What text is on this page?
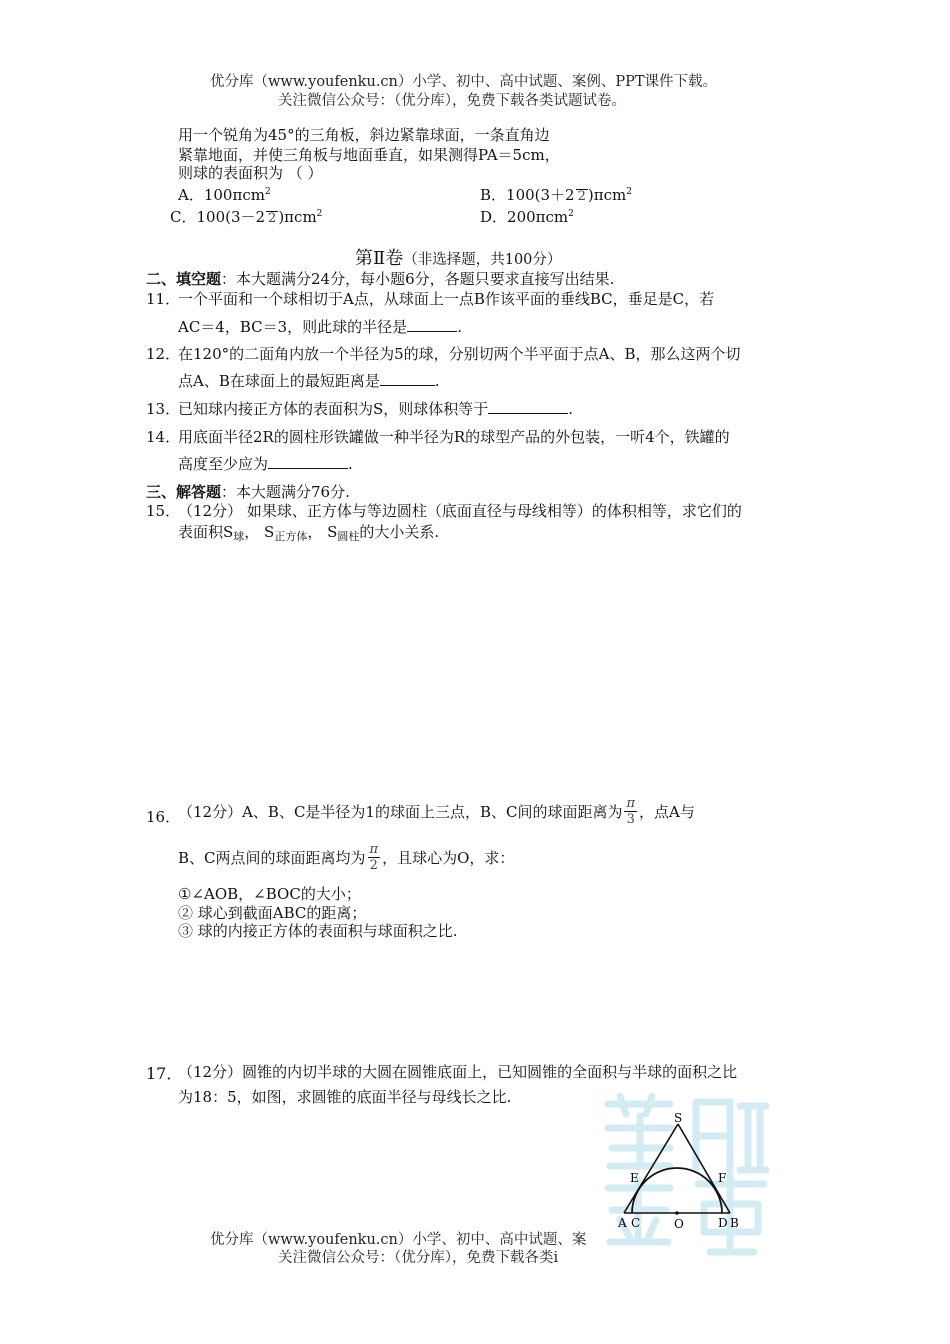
优分库（www.youfenku.cn）小学、初中、高中试题、案例、PPT课件下载。
关注微信公众号：（优分库），免费下载各类试题试卷。
用一个锐角为45°的三角板，斜边紧靠球面，一条直角边
紧靠地面，并使三角板与地面垂直，如果测得PA＝5cm，
则球的表面积为 （ ）
A．100πcm$^2$	B．100(3＋2 2 )πcm$^2$
C．100(3－2 2 )πcm$^2$	D．200πcm$^2$
第Ⅱ卷（非选择题，共100分）
二、填空题：本大题满分24分，每小题6分，各题只要求直接写出结果.
11．
一个平面和一个球相切于A点，从球面上一点B作该平面的垂线BC，垂足是C，若
AC＝4，BC＝3，则此球的半径是	.
12．
在120°的二面角内放一个半径为5的球，分别切两个半平面于点A、B，那么这两个切
点A、B在球面上的最短距离是	.
13．
已知球内接正方体的表面积为S，则球体积等于	.
14．
用底面半径2R的圆柱形铁罐做一种半径为R的球型产品的外包装，一听4个，铁罐的
高度至少应为	.
三、解答题：本大题满分76分.
15．
（12分） 如果球、正方体与等边圆柱（底面直径与母线相等）的体积相等，求它们的
表面积$S_球$， $S_{正方体}$， $S_{圆柱}$的大小关系.
16．
（12分）A、B、C是半径为1的球面上三点，B、C间的球面距离为 $\frac{\pi}{3}$ ，点A与
B、C两点间的球面距离均为 $\frac{\pi}{2}$ ，且球心为O，求：
①∠AOB，∠BOC的大小；
② 球心到截面ABC的距离；
③ 球的内接正方体的表面积与球面积之比.
17．
（12分）圆锥的内切半球的大圆在圆锥底面上，已知圆锥的全面积与半球的面积之比
为18：5，如图，求圆锥的底面半径与母线长之比.
S
E	F
A C	O	D B
优分库（www.youfenku.cn）小学、初中、高中试题、案
关注微信公众号：（优分库），免费下载各类i
